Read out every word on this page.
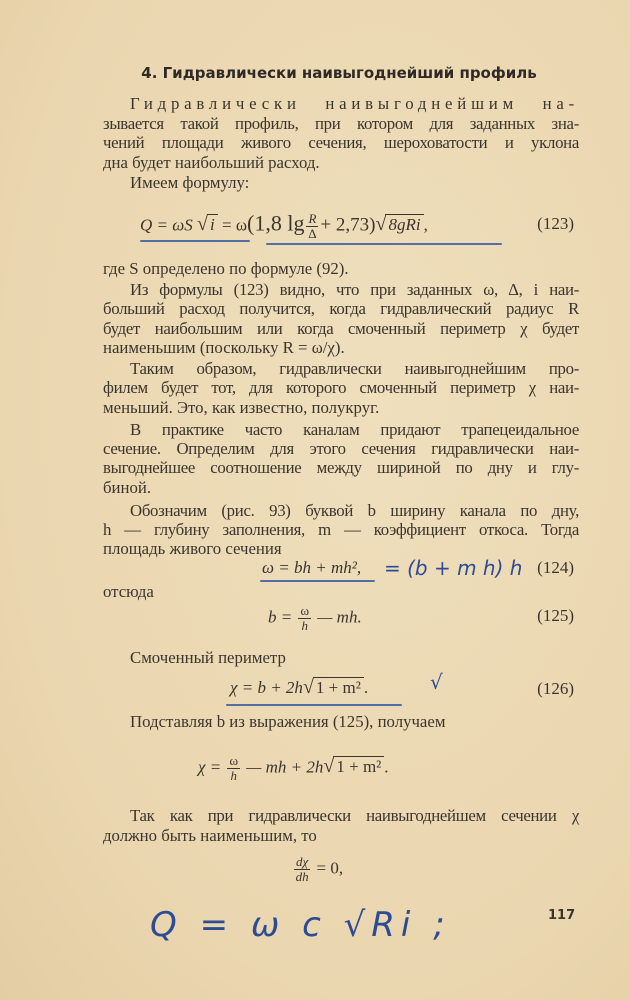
4. Гидравлически наивыгоднейший профиль
Гидравлически наивыгоднейшим на-
зывается такой профиль, при котором для заданных зна-
чений площади живого сечения, шероховатости и уклона
дна будет наибольший расход.
Имеем формулу:
Q = ωS √ i = ω(1,8 $\lg \frac{R}{\Delta} + 2,73)√$ 8gRi ,	(123)
где S определено по формуле (92).
Из формулы (123) видно, что при заданных ω, Δ, i наи-
больший расход получится, когда гидравлический радиус R
будет наибольшим или когда смоченный периметр χ будет
наименьшим (поскольку R = ω/χ).
Таким образом, гидравлически наивыгоднейшим про-
филем будет тот, для которого смоченный периметр χ наи-
меньший. Это, как известно, полукруг.
В практике часто каналам придают трапецеидальное
сечение. Определим для этого сечения гидравлически наи-
выгоднейшее соотношение между шириной по дну и глу-
биной.
Обозначим (рис. 93) буквой b ширину канала по дну,
h — глубину заполнения, m — коэффициент откоса. Тогда
площадь живого сечения
ω = bh + mh², = (b + m h) h (124)
отсюда
$b = \frac{\omega}{h}$ — mh.	(125)
Смоченный периметр
χ = b + 2h√ 1 + m² .	√	(126)
Подставляя b из выражения (125), получаем
$\chi = \frac{\omega}{h}$ — mh + 2h√ 1 + m² .
Так как при гидравлически наивыгоднейшем сечении χ
должно быть наименьшим, то
$\frac{d\chi}{dh} = 0$,
Q = ω c √Ri ;	117
